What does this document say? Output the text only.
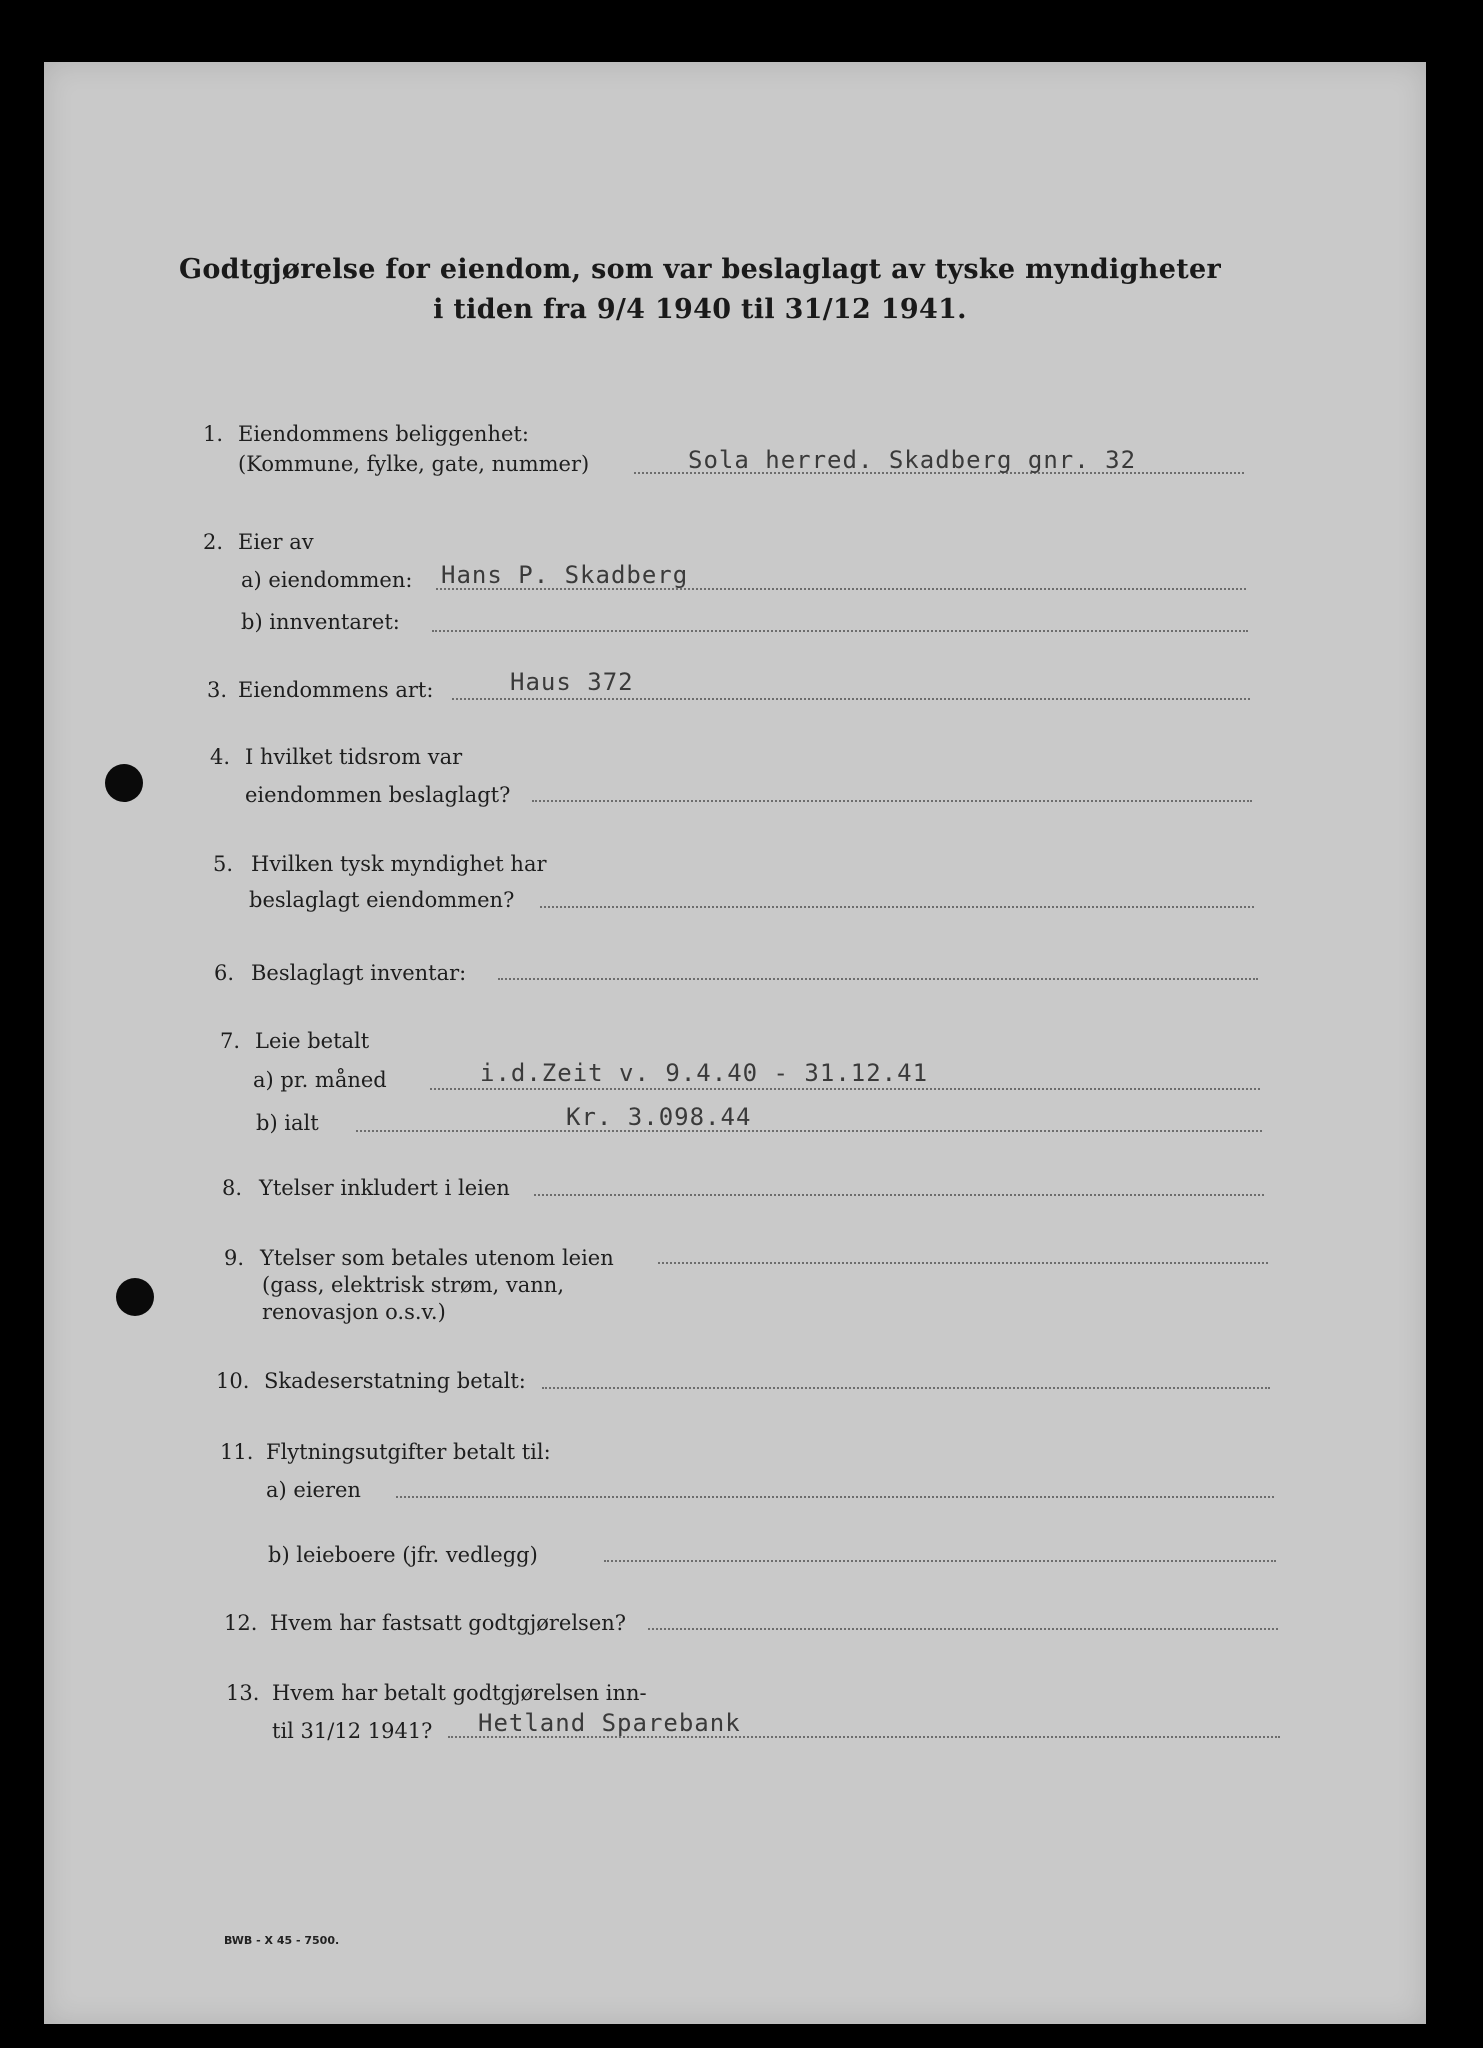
Godtgjørelse for eiendom, som var beslaglagt av tyske myndigheter
i tiden fra 9/4 1940 til 31/12 1941.
1. Eiendommens beliggenhet:
(Kommune, fylke, gate, nummer)	Sola herred. Skadberg gnr. 32
2. Eier av
a) eiendommen: Hans P. Skadberg
b) innventaret:
3. Eiendommens art:	Haus 372
4. I hvilket tidsrom var
eiendommen beslaglagt?
5. Hvilken tysk myndighet har
beslaglagt eiendommen?
6. Beslaglagt inventar:
7. Leie betalt
a) pr. måned	i.d.Zeit v. 9.4.40 - 31.12.41
b) ialt	Kr. 3.098.44
8. Ytelser inkludert i leien
9. Ytelser som betales utenom leien
(gass, elektrisk strøm, vann,
renovasjon o.s.v.)
10. Skadeserstatning betalt:
11. Flytningsutgifter betalt til:
a) eieren
b) leieboere (jfr. vedlegg)
12. Hvem har fastsatt godtgjørelsen?
13. Hvem har betalt godtgjørelsen inn-
til 31/12 1941? Hetland Sparebank
BWB - X 45 - 7500.
